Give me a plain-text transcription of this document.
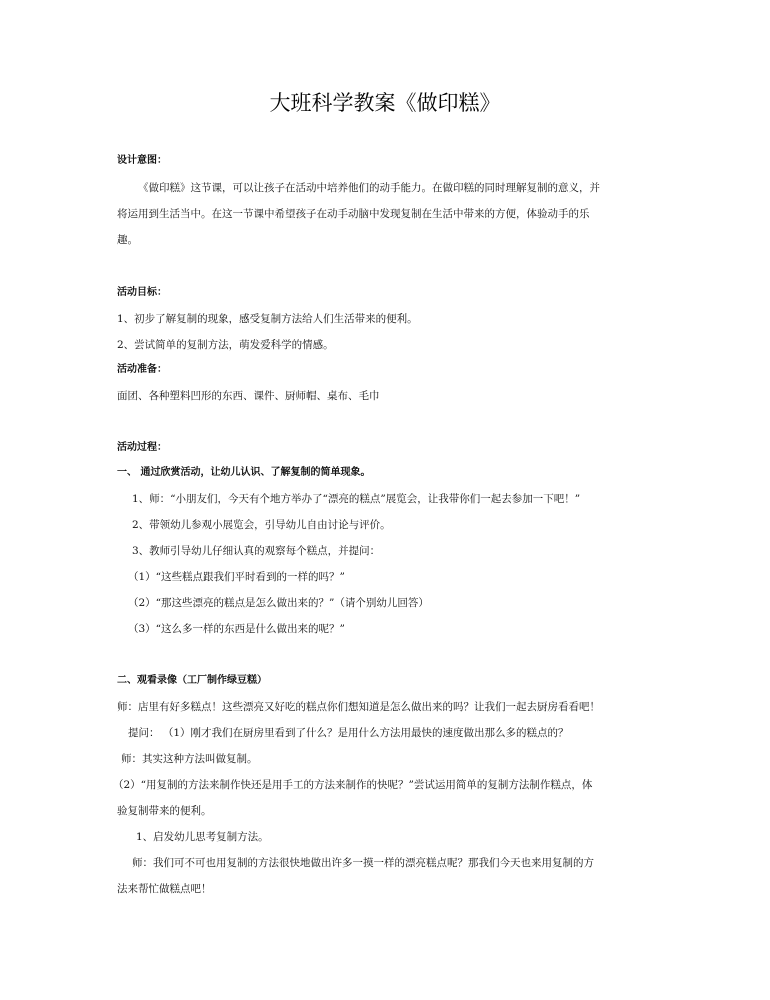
大班科学教案《做印糕》
设计意图：
《做印糕》这节课，可以让孩子在活动中培养他们的动手能力。在做印糕的同时理解复制的意义，并
将运用到生活当中。在这一节课中希望孩子在动手动脑中发现复制在生活中带来的方便，体验动手的乐
趣。
活动目标：
1、初步了解复制的现象，感受复制方法给人们生活带来的便利。
2、尝试简单的复制方法，萌发爱科学的情感。
活动准备：
面团、各种塑料凹形的东西、课件、厨师帽、桌布、毛巾
活动过程：
一、 通过欣赏活动，让幼儿认识、了解复制的简单现象。
1、师：“小朋友们，今天有个地方举办了“漂亮的糕点”展览会，让我带你们一起去参加一下吧！”
2、带领幼儿参观小展览会，引导幼儿自由讨论与评价。
3、教师引导幼儿仔细认真的观察每个糕点，并提问：
（1）“这些糕点跟我们平时看到的一样的吗？”
（2）“那这些漂亮的糕点是怎么做出来的？”（请个别幼儿回答）
（3）“这么多一样的东西是什么做出来的呢？”
二、观看录像（工厂制作绿豆糕）
师：店里有好多糕点！这些漂亮又好吃的糕点你们想知道是怎么做出来的吗？让我们一起去厨房看看吧！
提问： （1）刚才我们在厨房里看到了什么？是用什么方法用最快的速度做出那么多的糕点的？
师：其实这种方法叫做复制。
（2）“用复制的方法来制作快还是用手工的方法来制作的快呢？”尝试运用简单的复制方法制作糕点，体
验复制带来的便利。
1、启发幼儿思考复制方法。
师：我们可不可也用复制的方法很快地做出许多一摸一样的漂亮糕点呢？那我们今天也来用复制的方
法来帮忙做糕点吧！
